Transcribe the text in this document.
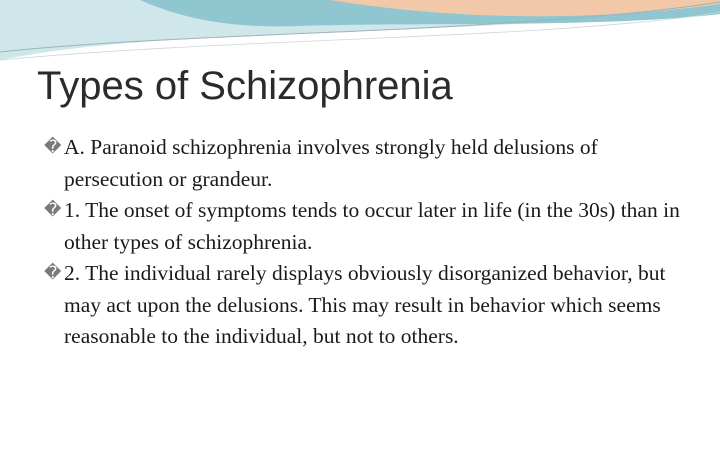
Types of Schizophrenia
� A. Paranoid schizophrenia involves strongly held delusions of persecution or grandeur.
� 1. The onset of symptoms tends to occur later in life (in the 30s) than in other types of schizophrenia.
� 2. The individual rarely displays obviously disorganized behavior, but may act upon the delusions. This may result in behavior which seems reasonable to the individual, but not to others.
